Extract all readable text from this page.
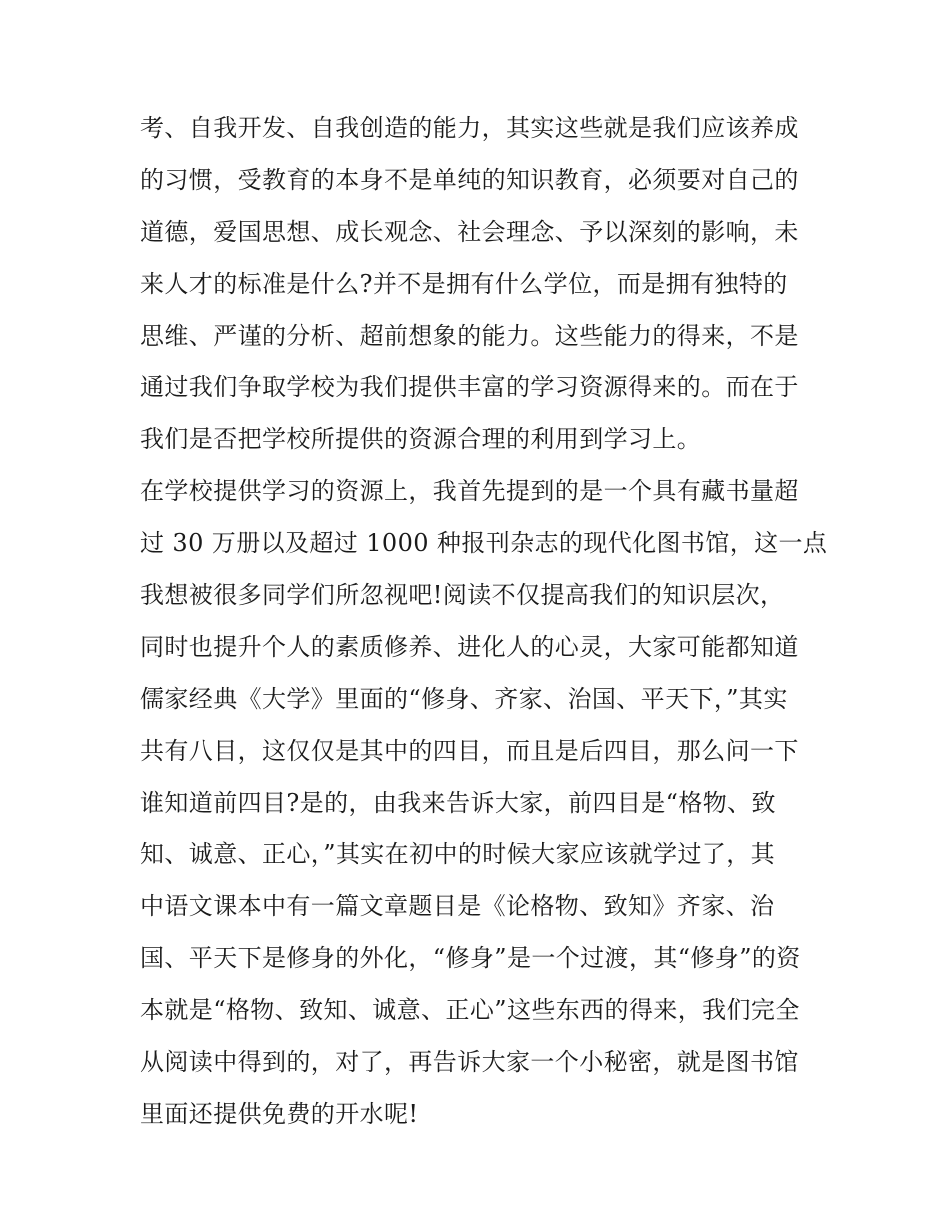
考、自我开发、自我创造的能力，其实这些就是我们应该养成
的习惯，受教育的本身不是单纯的知识教育，必须要对自己的
道德，爱国思想、成长观念、社会理念、予以深刻的影响，未
来人才的标准是什么?并不是拥有什么学位，而是拥有独特的
思维、严谨的分析、超前想象的能力。这些能力的得来，不是
通过我们争取学校为我们提供丰富的学习资源得来的。而在于
我们是否把学校所提供的资源合理的利用到学习上。
在学校提供学习的资源上，我首先提到的是一个具有藏书量超
过 30 万册以及超过 1000 种报刊杂志的现代化图书馆，这一点
我想被很多同学们所忽视吧!阅读不仅提高我们的知识层次，
同时也提升个人的素质修养、进化人的心灵，大家可能都知道
儒家经典《大学》里面的“修身、齐家、治国、平天下，”其实
共有八目，这仅仅是其中的四目，而且是后四目，那么问一下
谁知道前四目?是的，由我来告诉大家，前四目是“格物、致
知、诚意、正心，”其实在初中的时候大家应该就学过了，其
中语文课本中有一篇文章题目是《论格物、致知》齐家、治
国、平天下是修身的外化，“修身”是一个过渡，其“修身”的资
本就是“格物、致知、诚意、正心”这些东西的得来，我们完全
从阅读中得到的，对了，再告诉大家一个小秘密，就是图书馆
里面还提供免费的开水呢!
